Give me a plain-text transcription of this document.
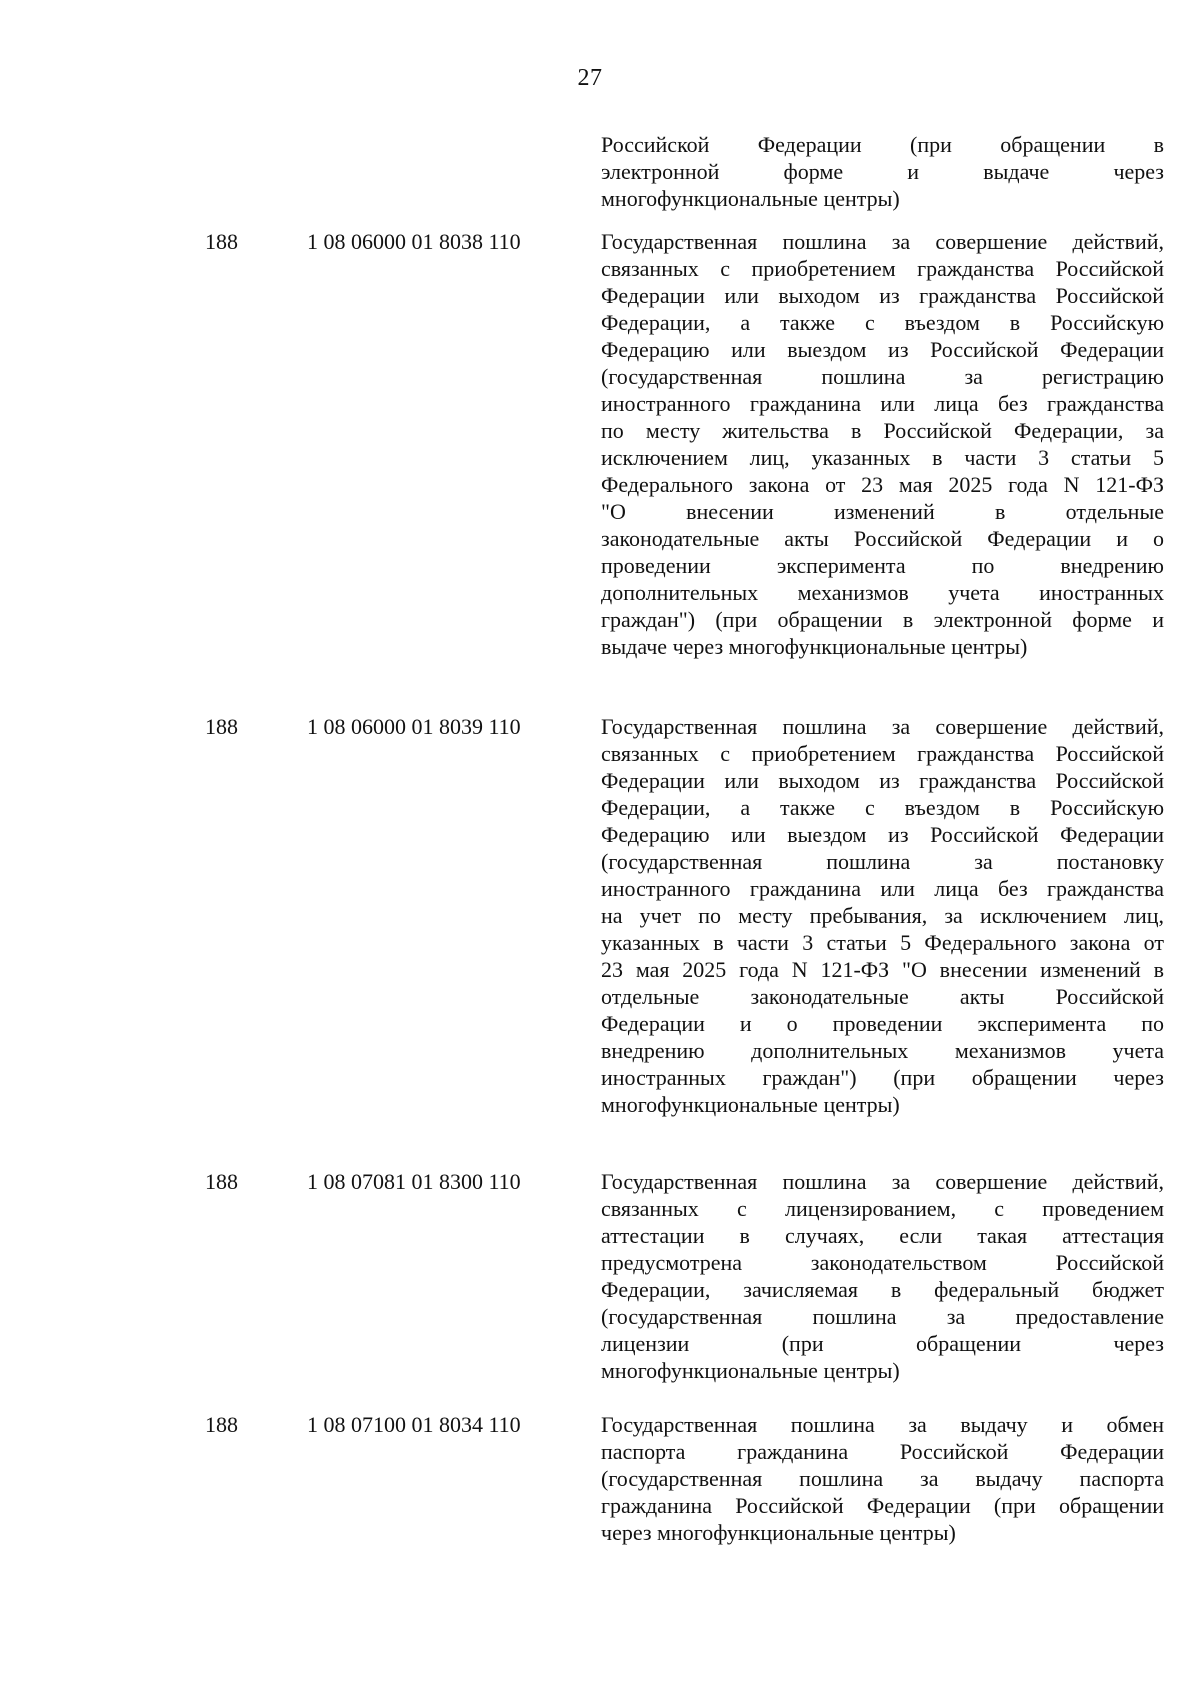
27
Российской Федерации (при обращении в
электронной форме и выдаче через
многофункциональные центры)
188	1 08 06000 01 8038 110	Государственная пошлина за совершение действий,
связанных с приобретением гражданства Российской
Федерации или выходом из гражданства Российской
Федерации, а также с въездом в Российскую
Федерацию или выездом из Российской Федерации
(государственная пошлина за регистрацию
иностранного гражданина или лица без гражданства
по месту жительства в Российской Федерации, за
исключением лиц, указанных в части 3 статьи 5
Федерального закона от 23 мая 2025 года N 121-ФЗ
"О внесении изменений в отдельные
законодательные акты Российской Федерации и о
проведении эксперимента по внедрению
дополнительных механизмов учета иностранных
граждан") (при обращении в электронной форме и
выдаче через многофункциональные центры)
188	1 08 06000 01 8039 110	Государственная пошлина за совершение действий,
связанных с приобретением гражданства Российской
Федерации или выходом из гражданства Российской
Федерации, а также с въездом в Российскую
Федерацию или выездом из Российской Федерации
(государственная пошлина за постановку
иностранного гражданина или лица без гражданства
на учет по месту пребывания, за исключением лиц,
указанных в части 3 статьи 5 Федерального закона от
23 мая 2025 года N 121-ФЗ "О внесении изменений в
отдельные законодательные акты Российской
Федерации и о проведении эксперимента по
внедрению дополнительных механизмов учета
иностранных граждан") (при обращении через
многофункциональные центры)
188	1 08 07081 01 8300 110	Государственная пошлина за совершение действий,
связанных с лицензированием, с проведением
аттестации в случаях, если такая аттестация
предусмотрена законодательством Российской
Федерации, зачисляемая в федеральный бюджет
(государственная пошлина за предоставление
лицензии (при обращении через
многофункциональные центры)
188	1 08 07100 01 8034 110	Государственная пошлина за выдачу и обмен
паспорта гражданина Российской Федерации
(государственная пошлина за выдачу паспорта
гражданина Российской Федерации (при обращении
через многофункциональные центры)
